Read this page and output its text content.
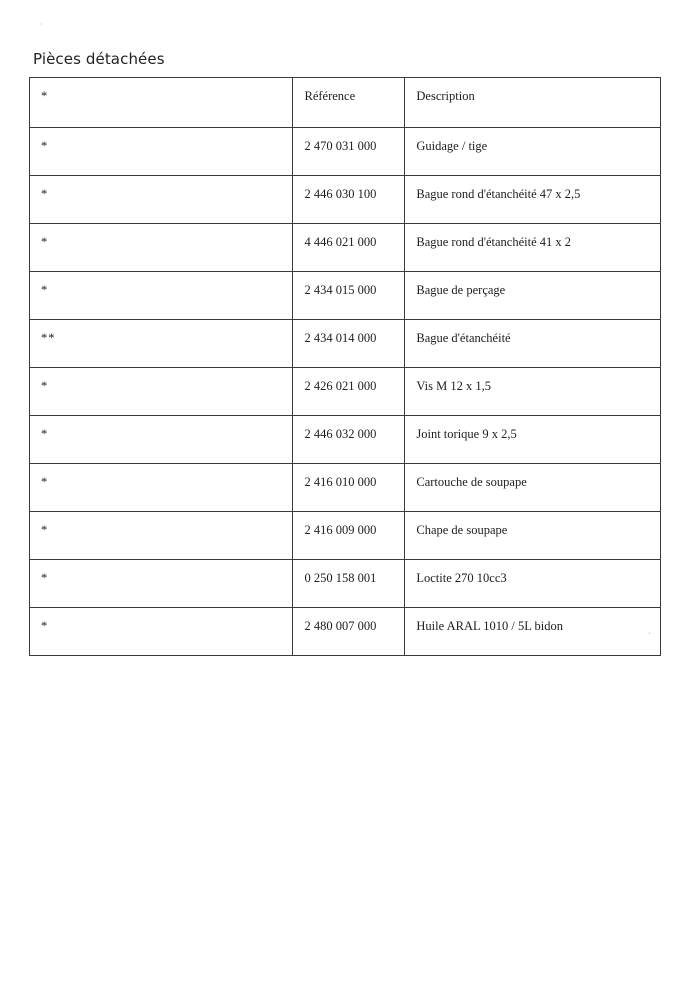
Pièces détachées
·
`
*	Référence	Description
*	2 470 031 000	Guidage / tige
*	2 446 030 100	Bague rond d'étanchéité 47 x 2,5
*	4 446 021 000	Bague rond d'étanchéité 41 x 2
*	2 434 015 000	Bague de perçage
**	2 434 014 000	Bague d'étanchéité
*	2 426 021 000	Vis M 12 x 1,5
*	2 446 032 000	Joint torique 9 x 2,5
*	2 416 010 000	Cartouche de soupape
*	2 416 009 000	Chape de soupape
*	0 250 158 001	Loctite 270 10cc3
*	2 480 007 000	Huile ARAL 1010 / 5L bidon
